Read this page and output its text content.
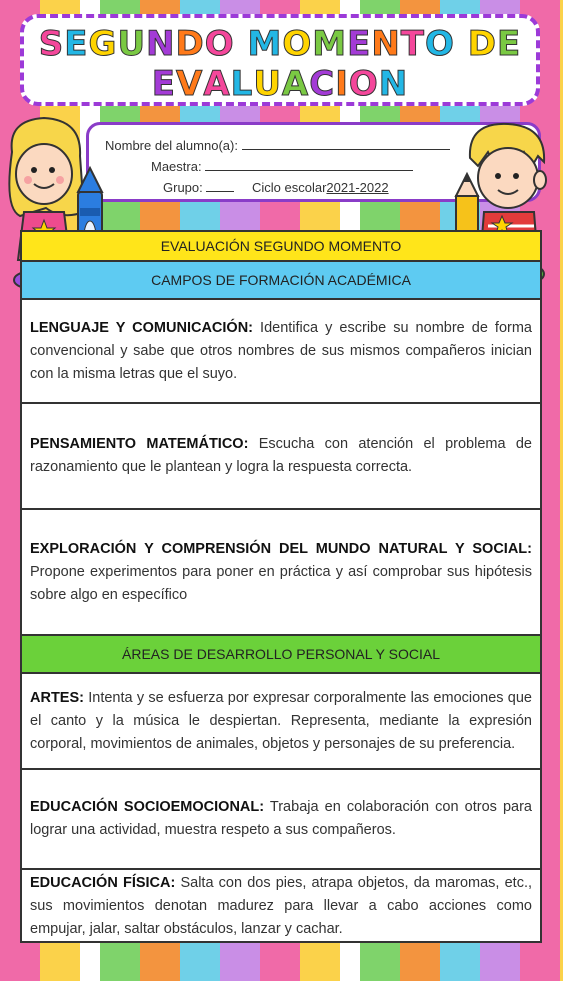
SEGUNDO MOMENTO DE
EVALUACION
Nombre del alumno(a):
Maestra:
Grupo:	Ciclo escolar2021-2022
EVALUACIÓN SEGUNDO MOMENTO
CAMPOS DE FORMACIÓN ACADÉMICA
LENGUAJE Y COMUNICACIÓN: Identifica y escribe su nombre de forma convencional y sabe que otros nombres de sus mismos compañeros inician con la misma letras que el suyo.
PENSAMIENTO MATEMÁTICO: Escucha con atención el problema de razonamiento que le plantean y logra la respuesta correcta.
EXPLORACIÓN Y COMPRENSIÓN DEL MUNDO NATURAL Y SOCIAL: Propone experimentos para poner en práctica y así comprobar sus hipótesis sobre algo en específico
ÁREAS DE DESARROLLO PERSONAL Y SOCIAL
ARTES: Intenta y se esfuerza por expresar corporalmente las emociones que el canto y la música le despiertan. Representa, mediante la expresión corporal, movimientos de animales, objetos y personajes de su preferencia.
EDUCACIÓN SOCIOEMOCIONAL: Trabaja en colaboración con otros para lograr una actividad, muestra respeto a sus compañeros.
EDUCACIÓN FÍSICA: Salta con dos pies, atrapa objetos, da maromas, etc., sus movimientos denotan madurez para llevar a cabo acciones como empujar, jalar, saltar obstáculos, lanzar y cachar.
